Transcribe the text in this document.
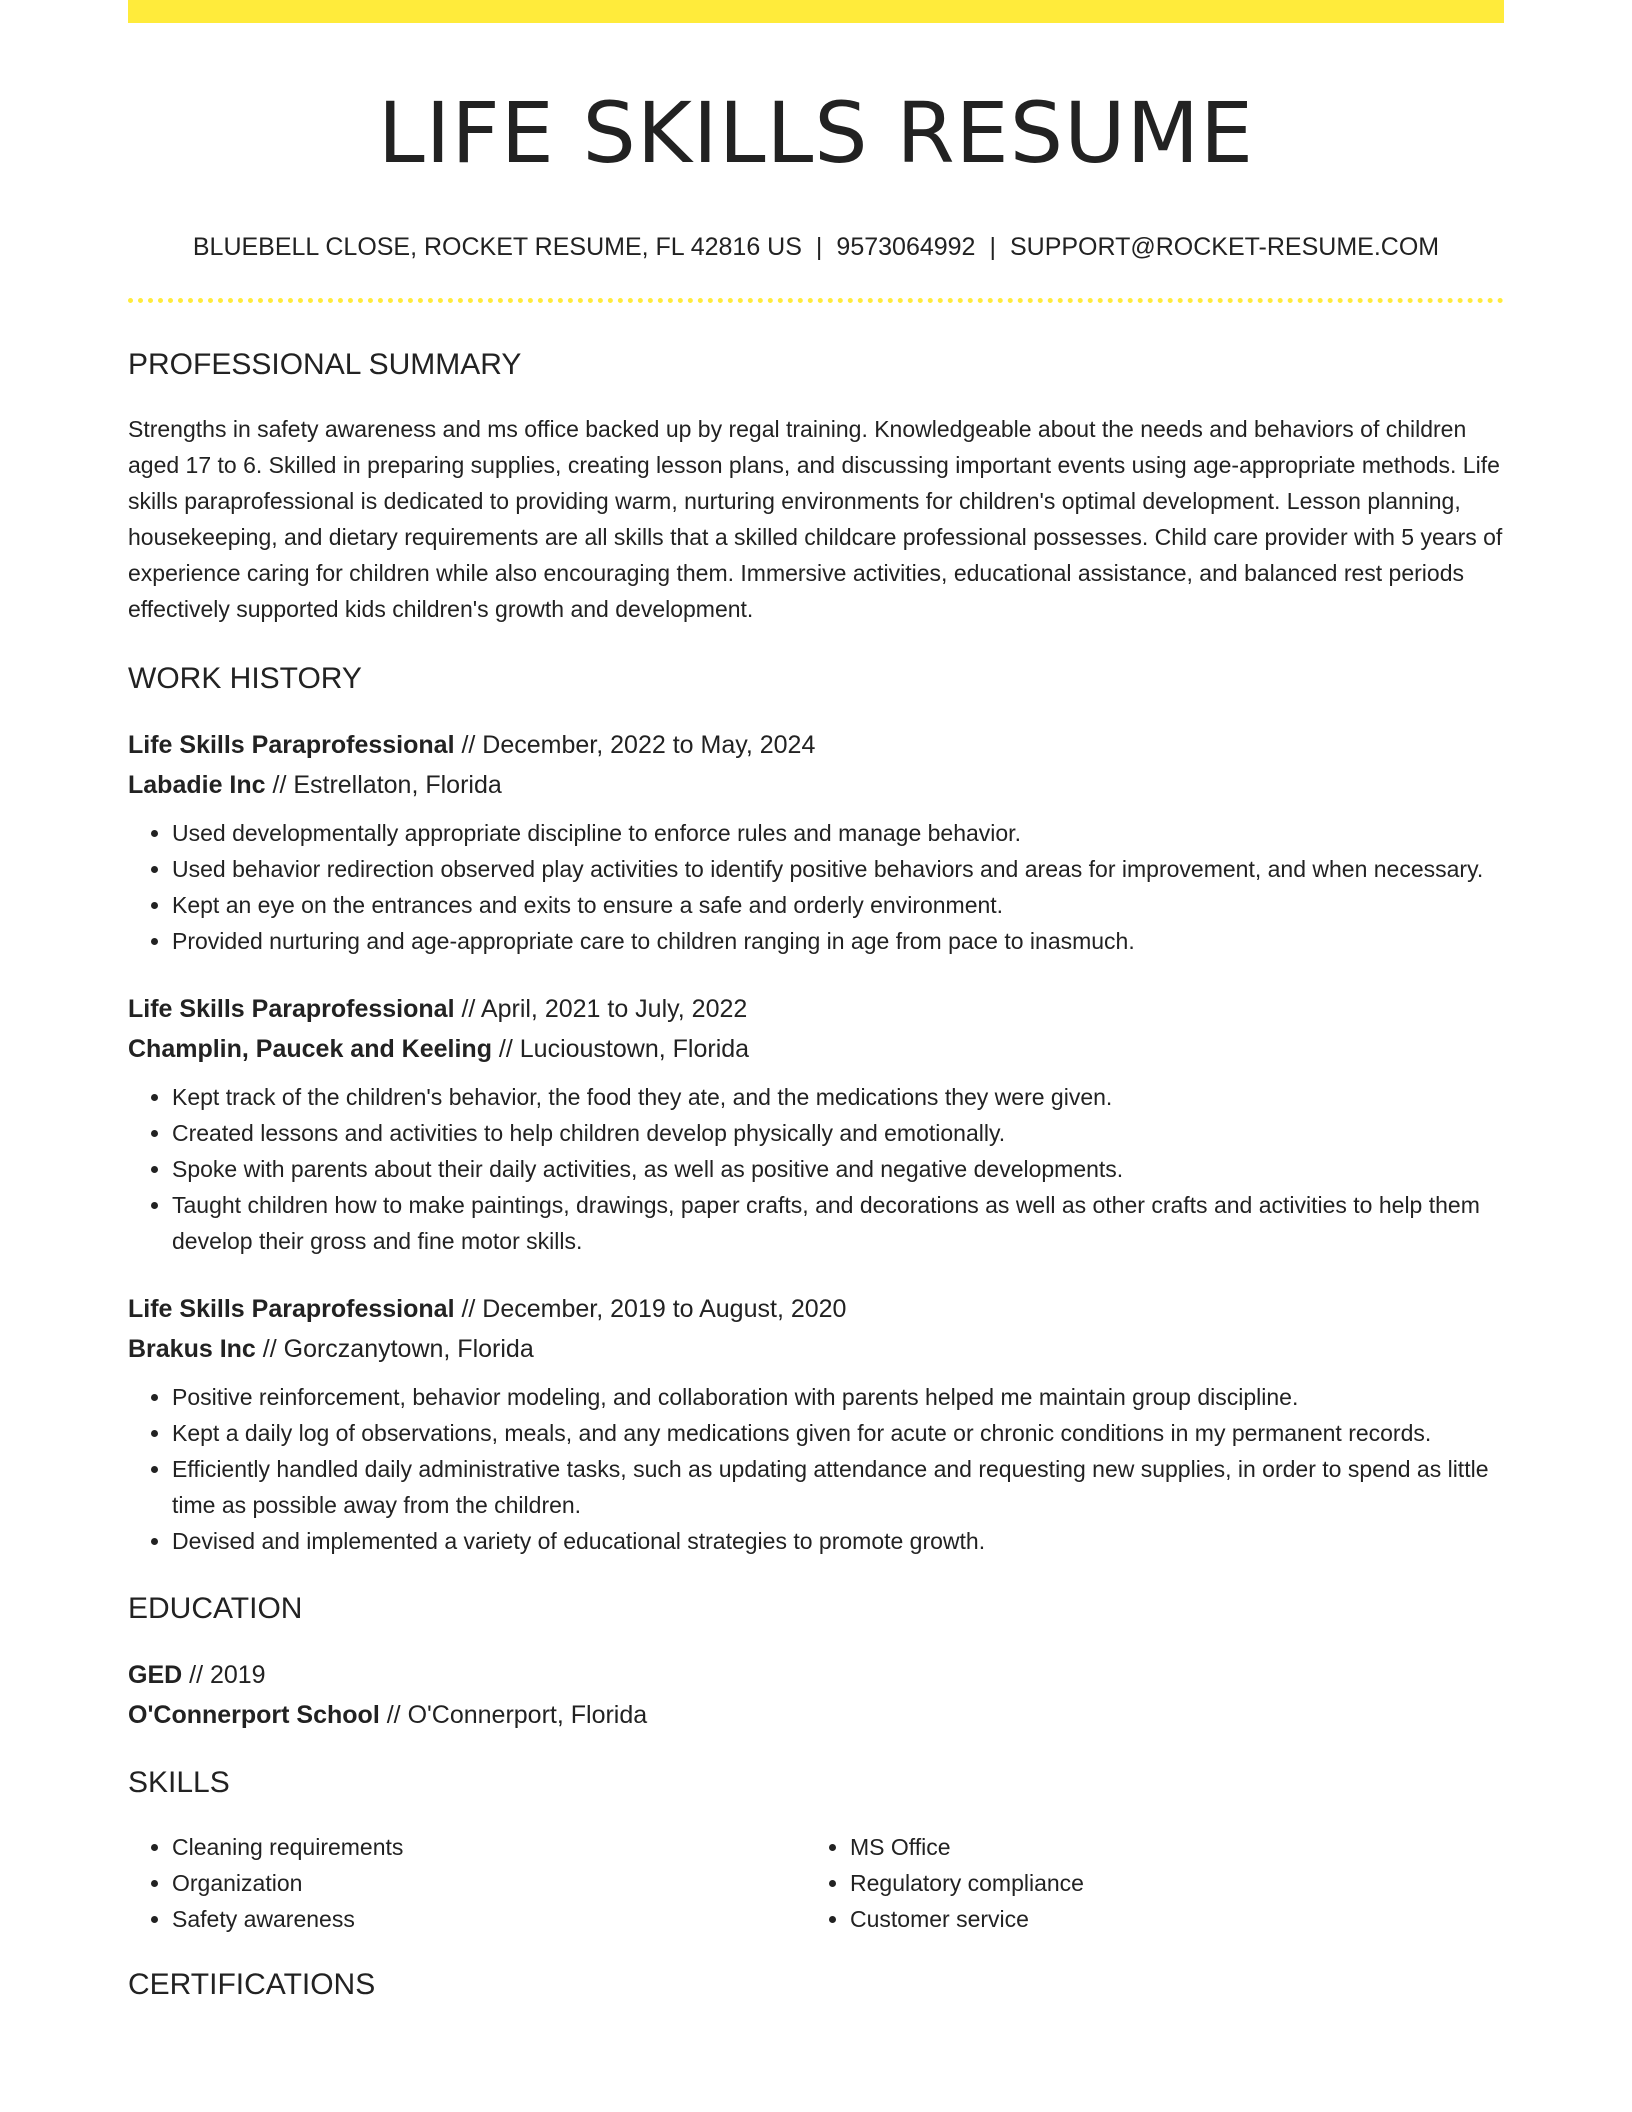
LIFE SKILLS RESUME
BLUEBELL CLOSE, ROCKET RESUME, FL 42816 US | 9573064992 | SUPPORT@ROCKET-RESUME.COM
PROFESSIONAL SUMMARY
Strengths in safety awareness and ms office backed up by regal training. Knowledgeable about the needs and behaviors of children aged 17 to 6. Skilled in preparing supplies, creating lesson plans, and discussing important events using age-appropriate methods. Life skills paraprofessional is dedicated to providing warm, nurturing environments for children's optimal development. Lesson planning, housekeeping, and dietary requirements are all skills that a skilled childcare professional possesses. Child care provider with 5 years of experience caring for children while also encouraging them. Immersive activities, educational assistance, and balanced rest periods effectively supported kids children's growth and development.
WORK HISTORY
Life Skills Paraprofessional // December, 2022 to May, 2024
Labadie Inc // Estrellaton, Florida
• Used developmentally appropriate discipline to enforce rules and manage behavior.
• Used behavior redirection observed play activities to identify positive behaviors and areas for improvement, and when necessary.
• Kept an eye on the entrances and exits to ensure a safe and orderly environment.
• Provided nurturing and age-appropriate care to children ranging in age from pace to inasmuch.
Life Skills Paraprofessional // April, 2021 to July, 2022
Champlin, Paucek and Keeling // Lucioustown, Florida
• Kept track of the children's behavior, the food they ate, and the medications they were given.
• Created lessons and activities to help children develop physically and emotionally.
• Spoke with parents about their daily activities, as well as positive and negative developments.
• Taught children how to make paintings, drawings, paper crafts, and decorations as well as other crafts and activities to help them develop their gross and fine motor skills.
Life Skills Paraprofessional // December, 2019 to August, 2020
Brakus Inc // Gorczanytown, Florida
• Positive reinforcement, behavior modeling, and collaboration with parents helped me maintain group discipline.
• Kept a daily log of observations, meals, and any medications given for acute or chronic conditions in my permanent records.
• Efficiently handled daily administrative tasks, such as updating attendance and requesting new supplies, in order to spend as little time as possible away from the children.
• Devised and implemented a variety of educational strategies to promote growth.
EDUCATION
GED // 2019
O'Connerport School // O'Connerport, Florida
SKILLS
• Cleaning requirements
• Organization
• Safety awareness
• MS Office
• Regulatory compliance
• Customer service
CERTIFICATIONS
